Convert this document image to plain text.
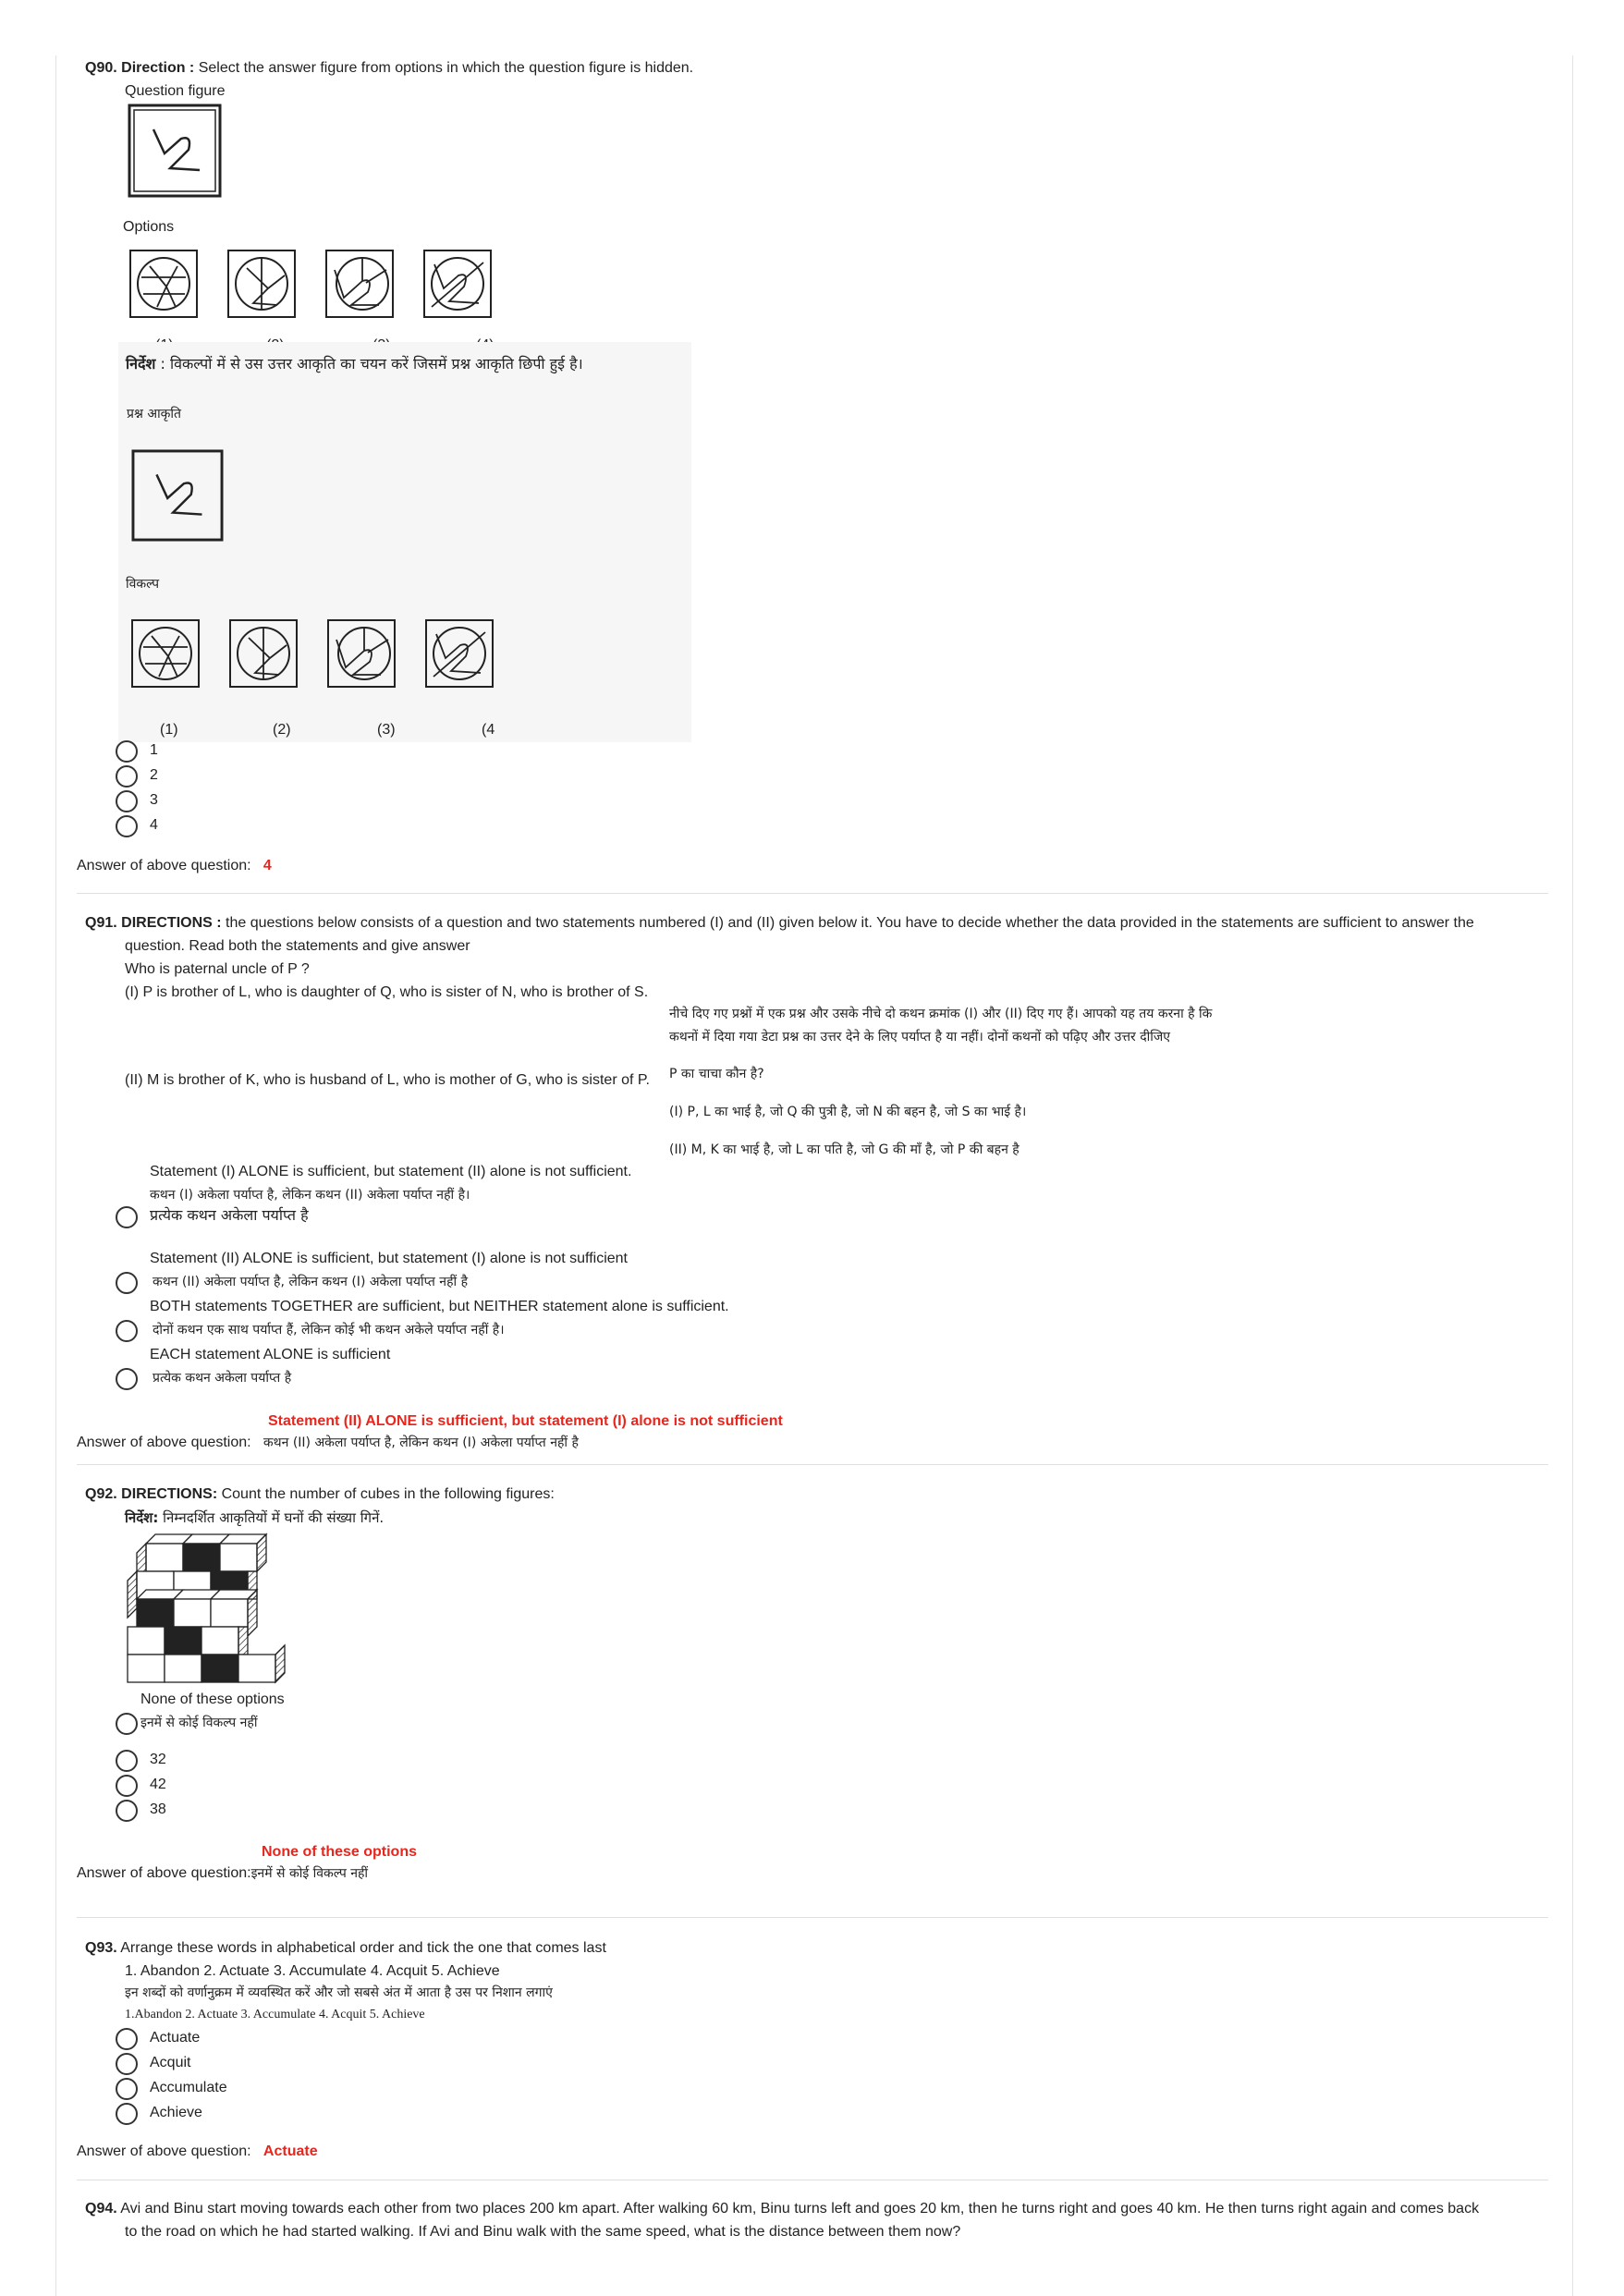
Q90. Direction : Select the answer figure from options in which the question figure is hidden.
Question figure
Options
निर्देश : विकल्पों में से उस उत्तर आकृति का चयन करें जिसमें प्रश्न आकृति छिपी हुई है।
प्रश्न आकृति
विकल्प
(1)	(2)	(3)	(4
1
2
3
4
Answer of above question: 4
Q91. DIRECTIONS : the questions below consists of a question and two statements numbered (I) and (II) given below it. You have to decide whether the data provided in the statements are sufficient to answer the
question. Read both the statements and give answer
Who is paternal uncle of P ?
(I) P is brother of L, who is daughter of Q, who is sister of N, who is brother of S.
नीचे दिए गए प्रश्नों में एक प्रश्न और उसके नीचे दो कथन क्रमांक (I) और (II) दिए गए हैं। आपको यह तय करना है कि
कथनों में दिया गया डेटा प्रश्न का उत्तर देने के लिए पर्याप्त है या नहीं। दोनों कथनों को पढ़िए और उत्तर दीजिए
(II) M is brother of K, who is husband of L, who is mother of G, who is sister of P. P का चाचा कौन है?
(I) P, L का भाई है, जो Q की पुत्री है, जो N की बहन है, जो S का भाई है।
(II) M, K का भाई है, जो L का पति है, जो G की माँ है, जो P की बहन है
Statement (I) ALONE is sufficient, but statement (II) alone is not sufficient.
कथन (I) अकेला पर्याप्त है, लेकिन कथन (II) अकेला पर्याप्त नहीं है।
प्रत्येक कथन अकेला पर्याप्त है
Statement (II) ALONE is sufficient, but statement (I) alone is not sufficient
कथन (II) अकेला पर्याप्त है, लेकिन कथन (I) अकेला पर्याप्त नहीं है
BOTH statements TOGETHER are sufficient, but NEITHER statement alone is sufficient.
दोनों कथन एक साथ पर्याप्त हैं, लेकिन कोई भी कथन अकेले पर्याप्त नहीं है।
EACH statement ALONE is sufficient
प्रत्येक कथन अकेला पर्याप्त है
Statement (II) ALONE is sufficient, but statement (I) alone is not sufficient
Answer of above question: कथन (II) अकेला पर्याप्त है, लेकिन कथन (I) अकेला पर्याप्त नहीं है
Q92. DIRECTIONS: Count the number of cubes in the following figures:
निर्देश: निम्नदर्शित आकृतियों में घनों की संख्या गिनें.
None of these options
इनमें से कोई विकल्प नहीं
32
42
38
None of these options
Answer of above question:इनमें से कोई विकल्प नहीं
Q93. Arrange these words in alphabetical order and tick the one that comes last
1. Abandon 2. Actuate 3. Accumulate 4. Acquit 5. Achieve
इन शब्दों को वर्णानुक्रम में व्यवस्थित करें और जो सबसे अंत में आता है उस पर निशान लगाएं
1.Abandon 2. Actuate 3. Accumulate 4. Acquit 5. Achieve
Actuate
Acquit
Accumulate
Achieve
Answer of above question: Actuate
Q94. Avi and Binu start moving towards each other from two places 200 km apart. After walking 60 km, Binu turns left and goes 20 km, then he turns right and goes 40 km. He then turns right again and comes back
to the road on which he had started walking. If Avi and Binu walk with the same speed, what is the distance between them now?
